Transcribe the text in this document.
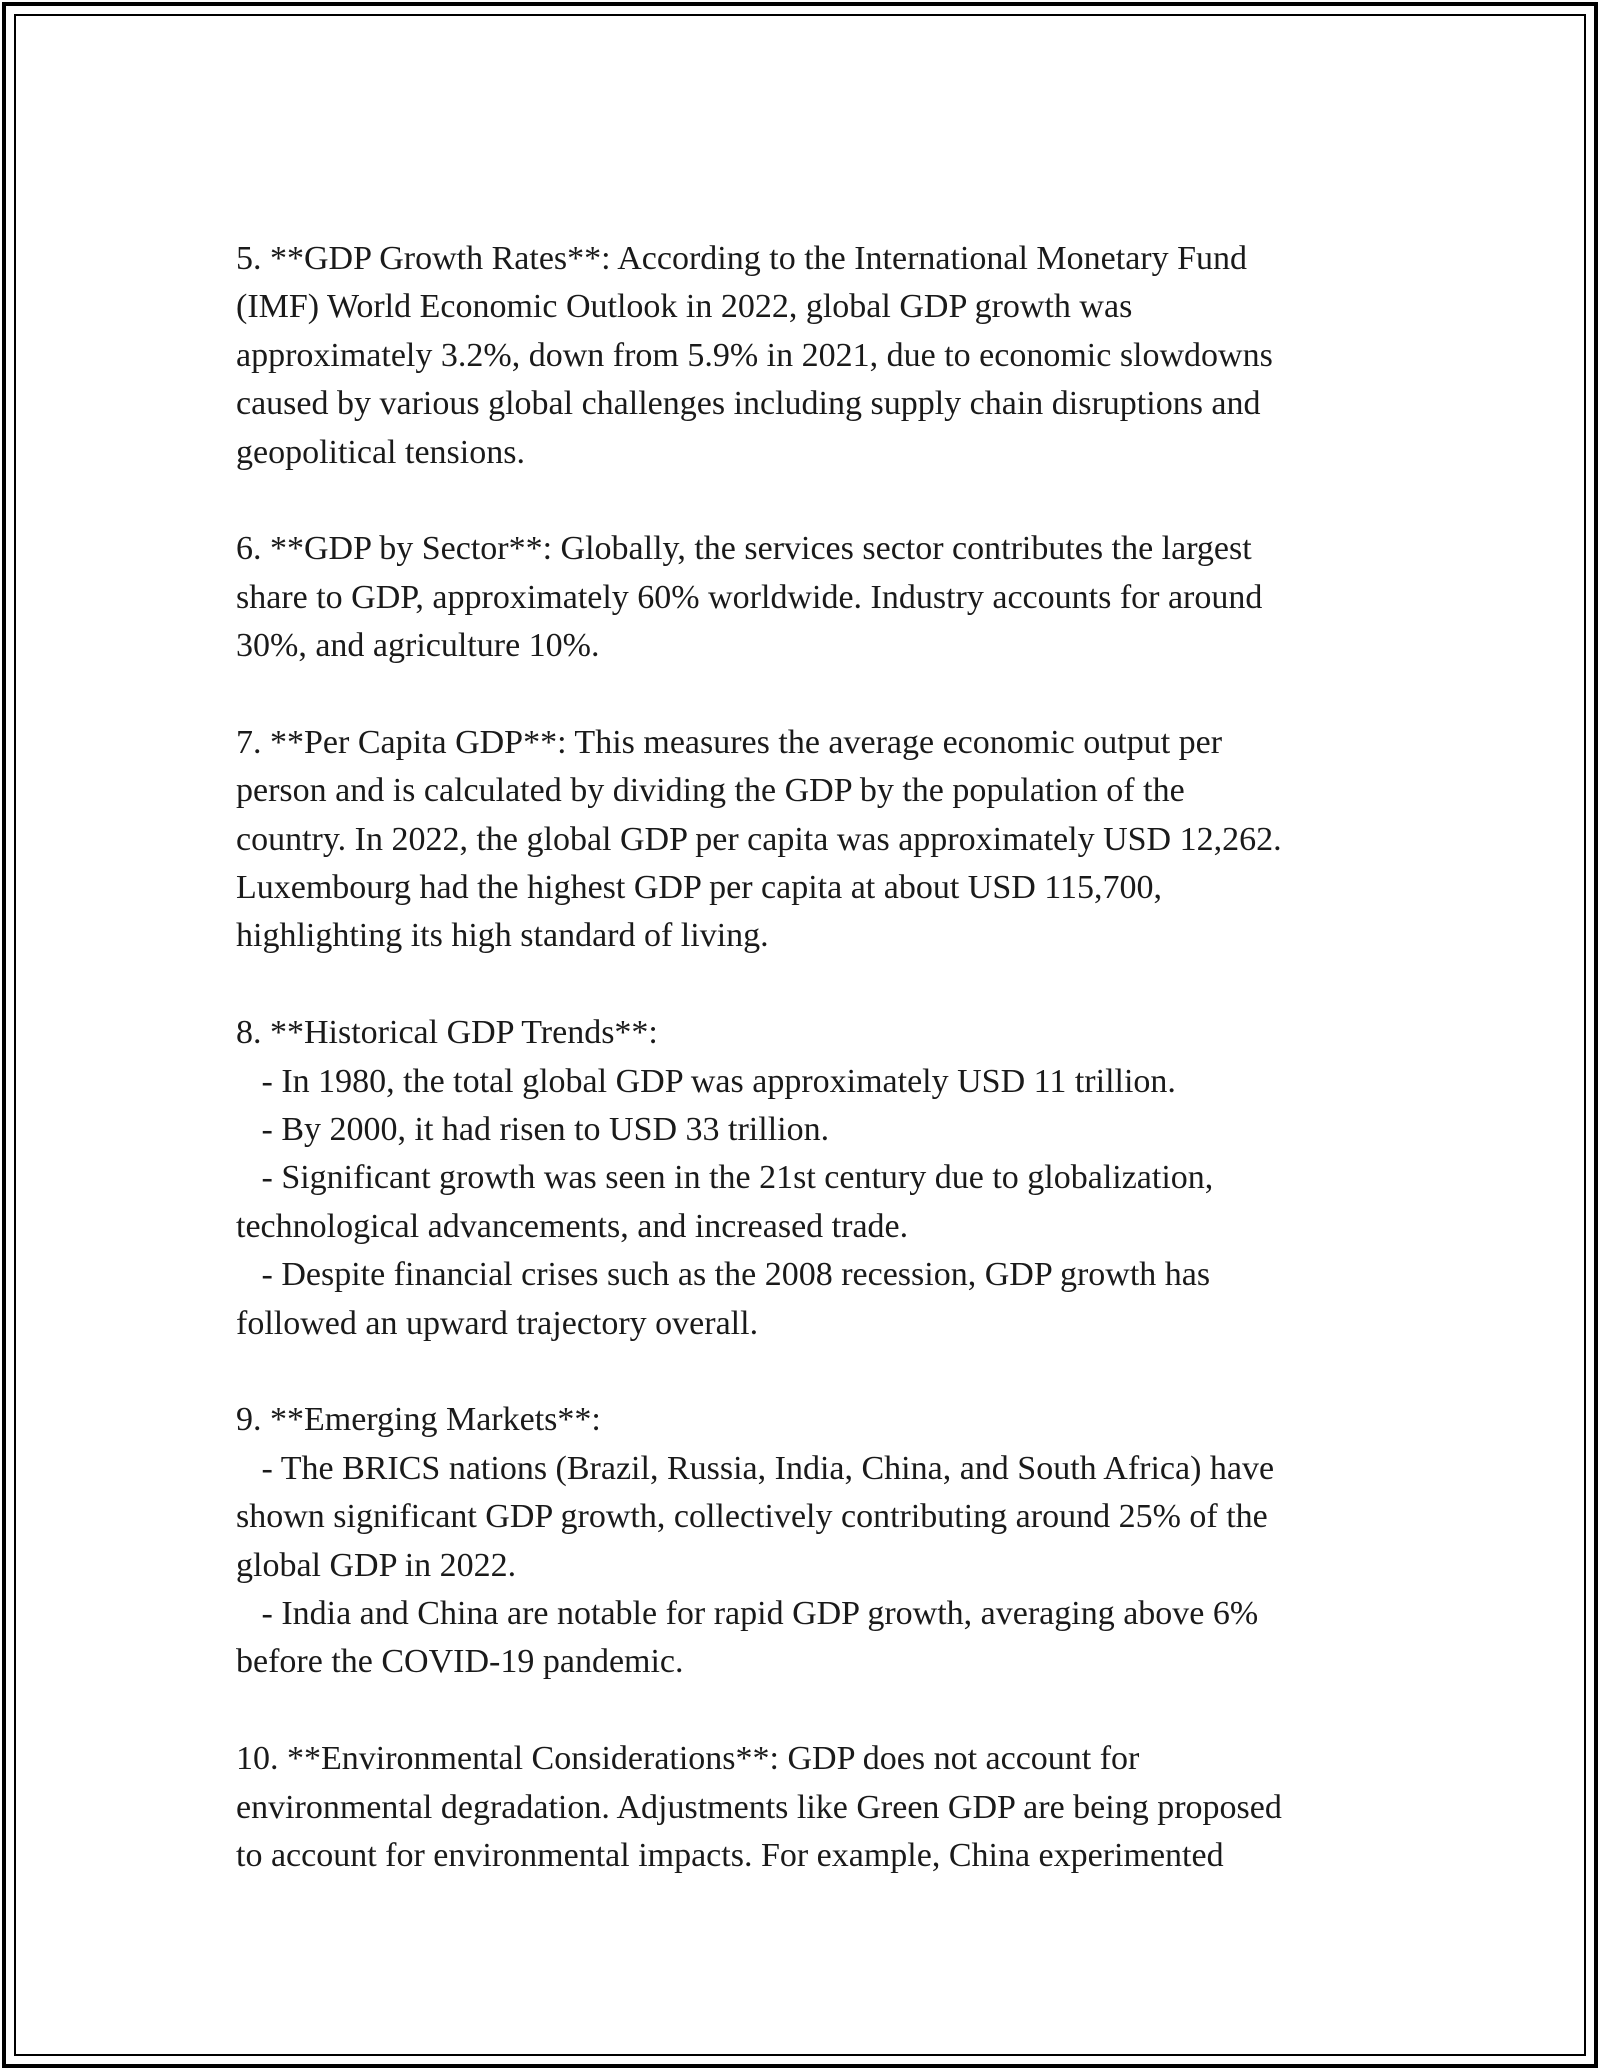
5. **GDP Growth Rates**: According to the International Monetary Fund
(IMF) World Economic Outlook in 2022, global GDP growth was
approximately 3.2%, down from 5.9% in 2021, due to economic slowdowns
caused by various global challenges including supply chain disruptions and
geopolitical tensions.
6. **GDP by Sector**: Globally, the services sector contributes the largest
share to GDP, approximately 60% worldwide. Industry accounts for around
30%, and agriculture 10%.
7. **Per Capita GDP**: This measures the average economic output per
person and is calculated by dividing the GDP by the population of the
country. In 2022, the global GDP per capita was approximately USD 12,262.
Luxembourg had the highest GDP per capita at about USD 115,700,
highlighting its high standard of living.
8. **Historical GDP Trends**:
- In 1980, the total global GDP was approximately USD 11 trillion.
- By 2000, it had risen to USD 33 trillion.
- Significant growth was seen in the 21st century due to globalization,
technological advancements, and increased trade.
- Despite financial crises such as the 2008 recession, GDP growth has
followed an upward trajectory overall.
9. **Emerging Markets**:
- The BRICS nations (Brazil, Russia, India, China, and South Africa) have
shown significant GDP growth, collectively contributing around 25% of the
global GDP in 2022.
- India and China are notable for rapid GDP growth, averaging above 6%
before the COVID-19 pandemic.
10. **Environmental Considerations**: GDP does not account for
environmental degradation. Adjustments like Green GDP are being proposed
to account for environmental impacts. For example, China experimented
